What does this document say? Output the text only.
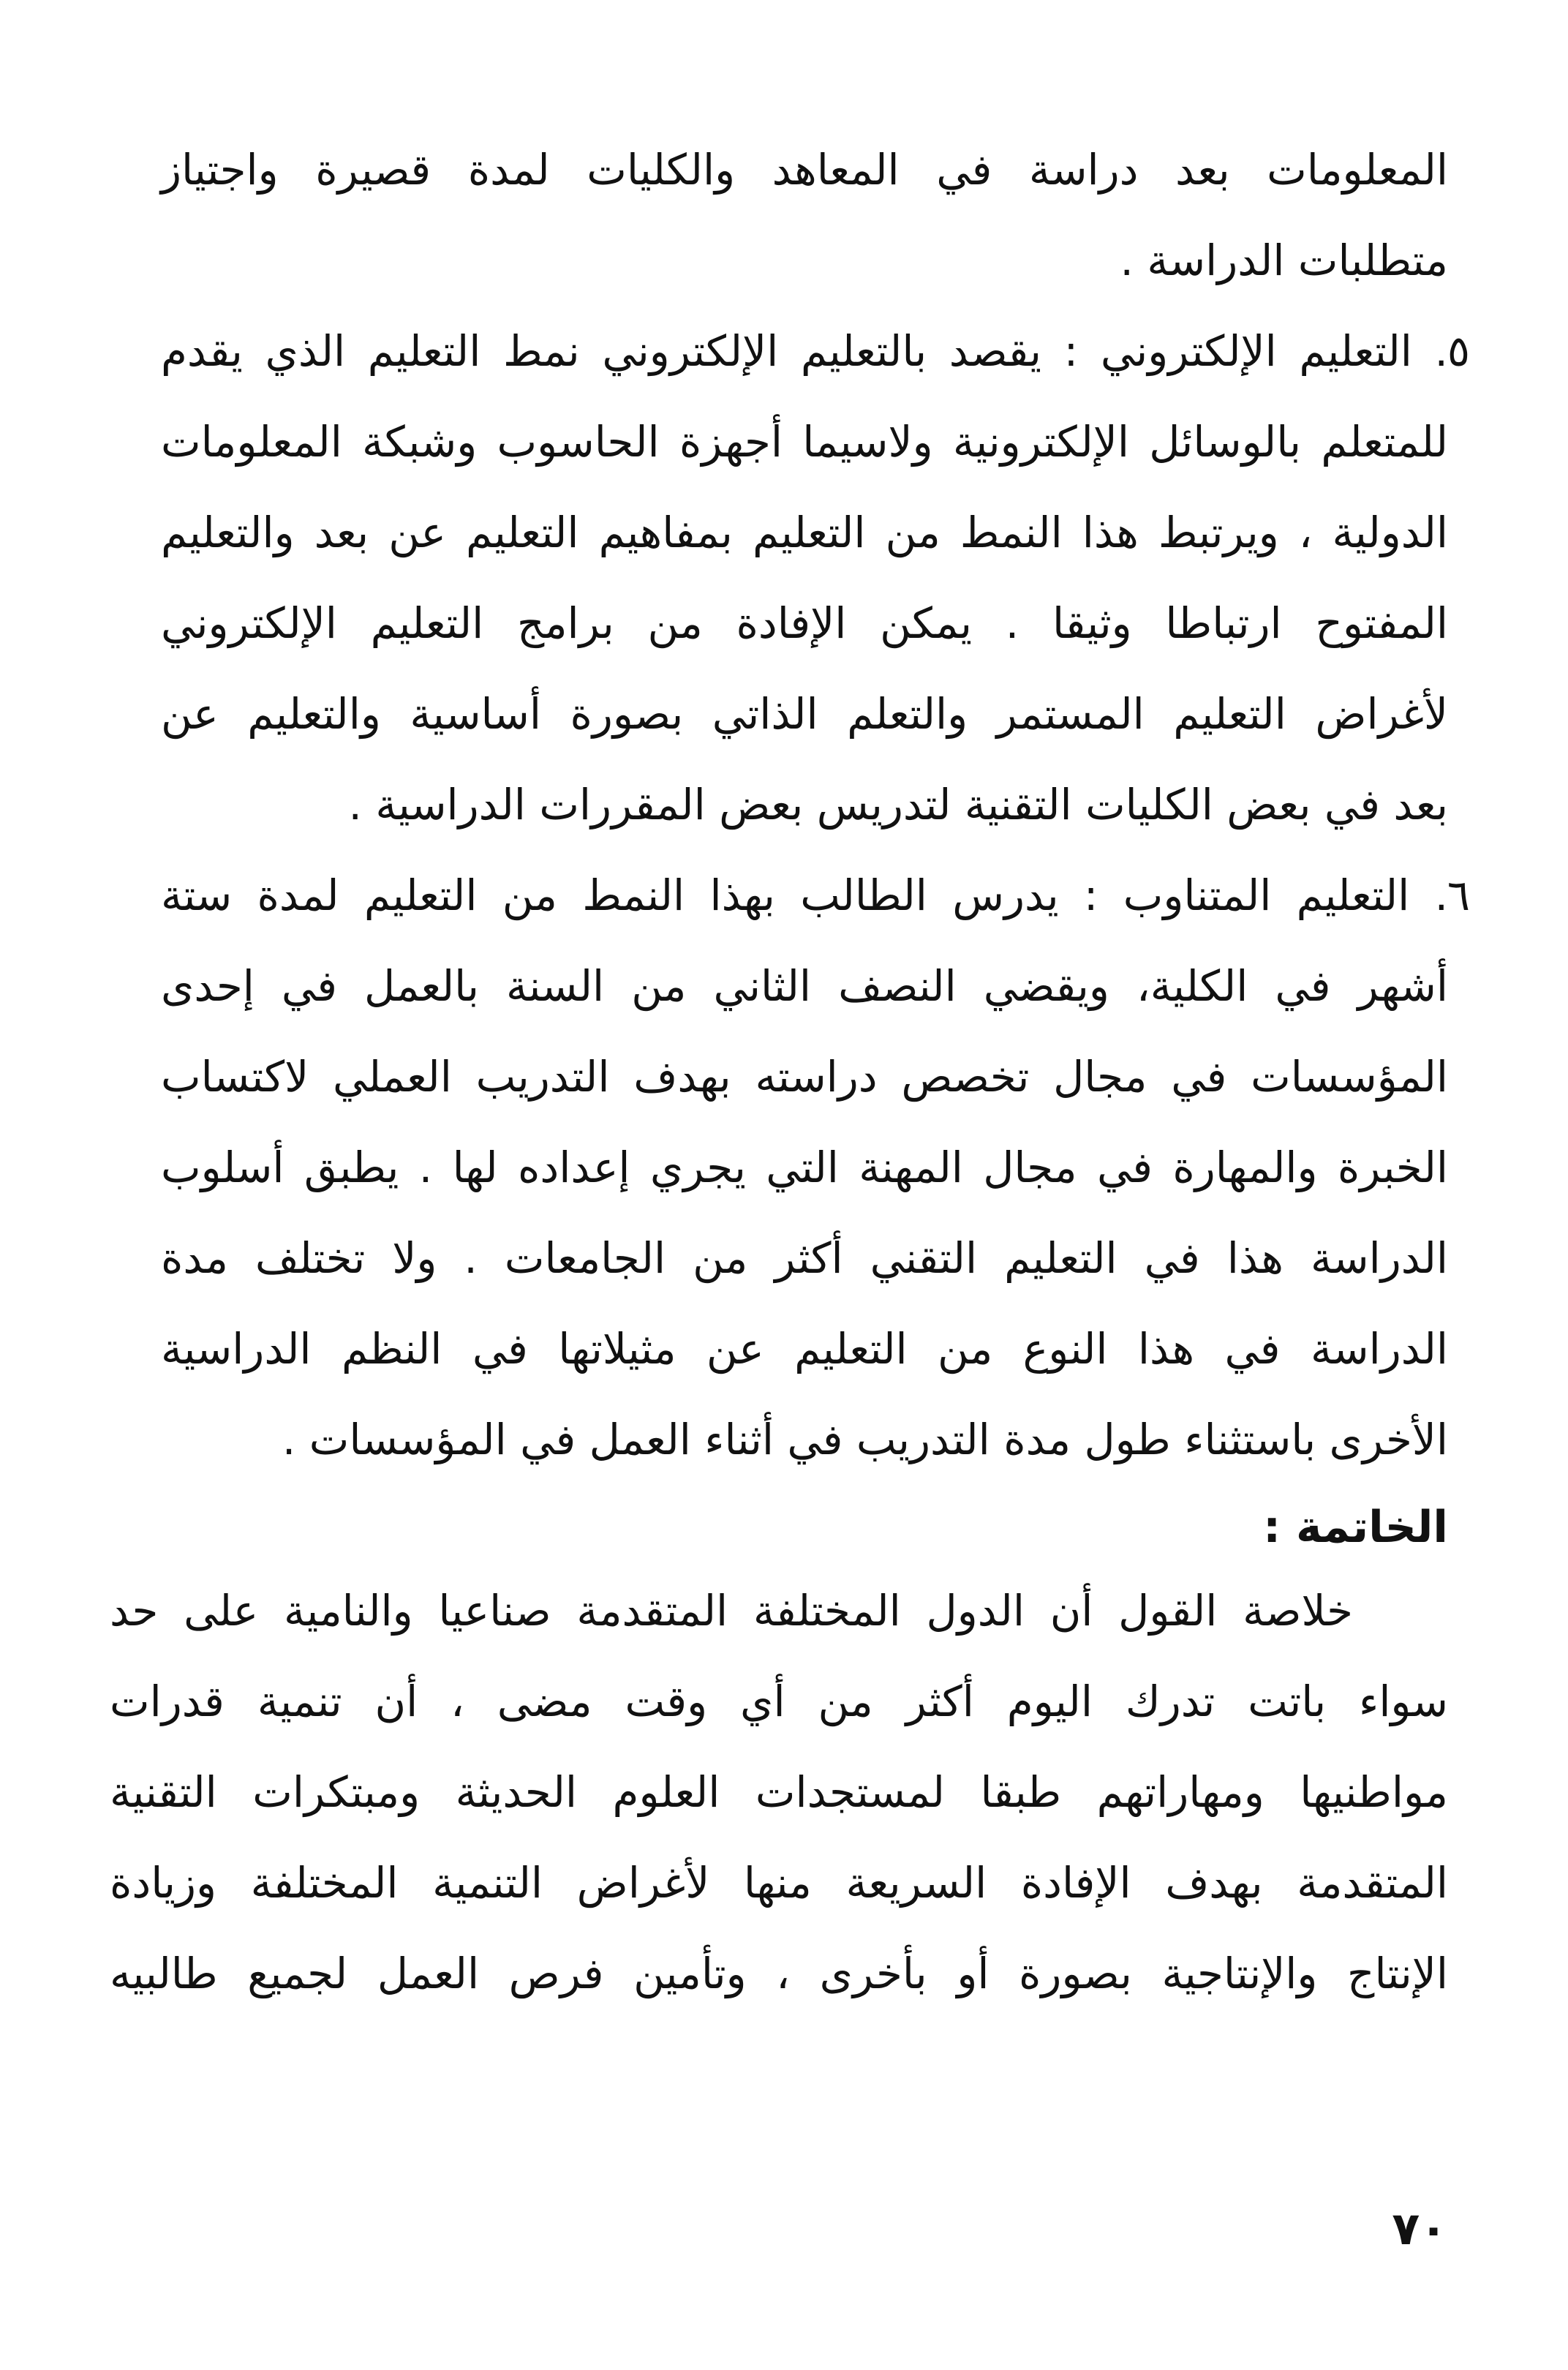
المعلومات بعد دراسة في المعاهد والكليات لمدة قصيرة واجتياز
متطلبات الدراسة .
٥
. التعليم الإلكتروني : يقصد بالتعليم الإلكتروني نمط التعليم الذي يقدم
للمتعلم بالوسائل الإلكترونية ولاسيما أجهزة الحاسوب وشبكة المعلومات
الدولية ، ويرتبط هذا النمط من التعليم بمفاهيم التعليم عن بعد والتعليم
المفتوح ارتباطا وثيقا . يمكن الإفادة من برامج التعليم الإلكتروني
لأغراض التعليم المستمر والتعلم الذاتي بصورة أساسية والتعليم عن
بعد في بعض الكليات التقنية لتدريس بعض المقررات الدراسية .
٦
. التعليم المتناوب : يدرس الطالب بهذا النمط من التعليم لمدة ستة
أشهر في الكلية، ويقضي النصف الثاني من السنة بالعمل في إحدى
المؤسسات في مجال تخصص دراسته بهدف التدريب العملي لاكتساب
الخبرة والمهارة في مجال المهنة التي يجري إعداده لها . يطبق أسلوب
الدراسة هذا في التعليم التقني أكثر من الجامعات . ولا تختلف مدة
الدراسة في هذا النوع من التعليم عن مثيلاتها في النظم الدراسية
الأخرى باستثناء طول مدة التدريب في أثناء العمل في المؤسسات .
الخاتمة :
خلاصة القول أن الدول المختلفة المتقدمة صناعيا والنامية على حد
سواء باتت تدرك اليوم أكثر من أي وقت مضى ، أن تنمية قدرات
مواطنيها ومهاراتهم طبقا لمستجدات العلوم الحديثة ومبتكرات التقنية
المتقدمة بهدف الإفادة السريعة منها لأغراض التنمية المختلفة وزيادة
الإنتاج والإنتاجية بصورة أو بأخرى ، وتأمين فرص العمل لجميع طالبيه
٧٠
